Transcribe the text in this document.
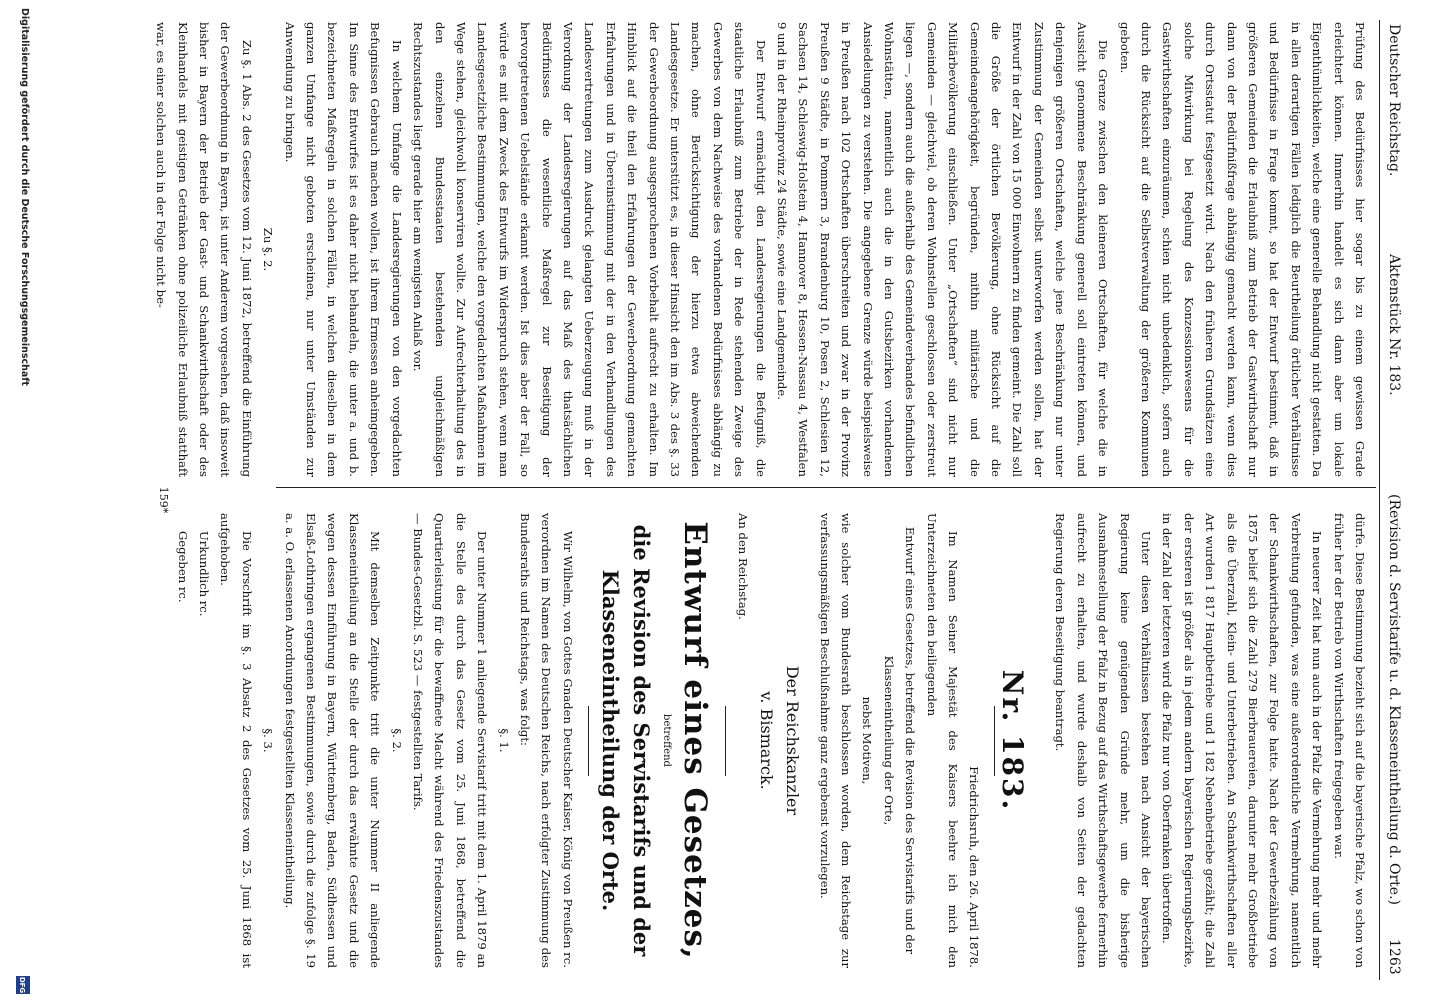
Deutscher Reichstag.
Aktenstück Nr. 183.
(Revision d. Servistarife u. d. Klasseneintheilung d. Orte.)
1263

Prüfung des Bedürfnisses hier sogar bis zu einem gewissen Grade erleichtert können. Immerhin handelt es sich dann aber um lokale Eigenthümlichkeiten, welche eine generelle Behandlung nicht gestatten. Da in allen derartigen Fällen lediglich die Beurtheilung örtlicher Verhältnisse und Bedürfnisse in Frage kommt, so hat der Entwurf bestimmt, daß in größeren Gemeinden die Erlaubniß zum Betrieb der Gastwirthschaft nur dann von der Bedürfnißfrage abhängig gemacht werden kann, wenn dies durch Ortsstatut festgesetzt wird. Nach den früheren Grundsätzen eine solche Mitwirkung bei Regelung des Konzessionswesens für die Gastwirthschaften einzuräumen, schien nicht unbedenklich, sofern auch durch die Rücksicht auf die Selbstverwaltung der größeren Kommunen geboten.

Die Grenze zwischen den kleineren Ortschaften, für welche die in Aussicht genommene Beschränkung generell soll eintreten können, und denjenigen größeren Ortschaften, welche jene Beschränkung nur unter Zustimmung der Gemeinden selbst unterworfen werden sollen, hat der Entwurf in der Zahl von 15 000 Einwohnern zu finden gemeint. Die Zahl soll die Größe der örtlichen Bevölkerung, ohne Rücksicht auf die Gemeindeangehörigkeit, begründen, mithin militärische und die Militärbevölkerung einschließen. Unter „Ortschaften“ sind nicht nur Gemeinden — gleichviel, ob deren Wohnstellen geschlossen oder zerstreut liegen —, sondern auch die außerhalb des Gemeindeverbandes befindlichen Wohnstätten, namentlich auch die in den Gutsbezirken vorhandenen Ansiedelungen zu verstehen. Die angegebene Grenze würde beispielsweise in Preußen nach 102 Ortschaften überschreiten und zwar in der Provinz Preußen 9 Städte, in Pommern 3, Brandenburg 10, Posen 2, Schlesien 12, Sachsen 14, Schleswig-Holstein 4, Hannover 8, Hessen-Nassau 4, Westfalen 9 und in der Rheinprovinz 24 Städte, sowie eine Landgemeinde.

Der Entwurf ermächtigt den Landesregierungen die Befugniß, die staatliche Erlaubniß zum Betriebe der in Rede stehenden Zweige des Gewerbes von dem Nachweise des vorhandenen Bedürfnisses abhängig zu machen, ohne Berücksichtigung der hierzu etwa abweichenden Landesgesetze. Er unterstützt es, in dieser Hinsicht den im Abs. 3 des §. 33 der Gewerbeordnung ausgesprochenen Vorbehalt aufrecht zu erhalten. Im Hinblick auf die theil den Erfahrungen der Gewerbeordnung gemachten Erfahrungen und in Übereinstimmung mit der in den Verhandlungen des Landesvertretungen zum Ausdruck gelangten Ueberzeugung muß in der Verordnung der Landesregierungen auf das Maß des thatsächlichen Bedürfnisses die wesentliche Maßregel zur Beseitigung der hervorgetretenen Uebelstände erkannt werden. Ist dies aber der Fall, so würde es mit dem Zweck des Entwurfs im Widerspruch stehen, wenn man Landesgesetzliche Bestimmungen, welche den vorgedachten Maßnahmen im Wege stehen, gleichwohl konserviren wollte. Zur Aufrechterhaltung des in den einzelnen Bundesstaaten bestehenden ungleichmäßigen Rechtszustandes liegt gerade hier am wenigsten Anlaß vor.

In welchem Umfange die Landesregierungen von den vorgedachten Befugnissen Gebrauch machen wollen, ist ihrem Ermessen anheimgegeben. Im Sinne des Entwurfes ist es daher nicht behandeln, die unter a. und b. bezeichneten Maßregeln in solchen Fällen, in welchen dieselben in dem ganzen Umfange nicht geboten erscheinen, nur unter Umständen zur Anwendung zu bringen.

Zu §. 2.

Zu §. 1 Abs. 2 des Gesetzes vom 12. Juni 1872, betreffend die Einführung der Gewerbeordnung in Bayern, ist unter Anderem vorgesehen, daß insoweit bisher in Bayern der Betrieb der Gast- und Schankwirthschaft oder des Kleinhandels mit geistigen Getränken ohne polizeiliche Erlaubniß statthaft war, es einer solchen auch in der Folge nicht be-

dürfe. Diese Bestimmung bezieht sich auf die bayerische Pfalz, wo schon von früher her der Betrieb von Wirthschaften freigegeben war.

In neuerer Zeit hat nun auch in der Pfalz die Vermehrung mehr und mehr Verbreitung gefunden, was eine außerordentliche Vermehrung, namentlich der Schankwirthschaften, zur Folge hatte. Nach der Gewerbezählung von 1875 belief sich die Zahl 279 Bierbrauereien, darunter mehr Großbetriebe als die Überzahl, Klein- und Unterbetrieben. An Schankwirthschaften aller Art wurden 1 817 Hauptbetriebe und 1 182 Nebenbetriebe gezählt; die Zahl der ersteren ist größer als in jedem andern bayerischen Regierungsbezirke, in der Zahl der letzteren wird die Pfalz nur von Oberfranken übertroffen.

Unter diesen Verhältnissen bestehen nach Ansicht der bayerischen Regierung keine genügenden Gründe mehr, um die bisherige Ausnahmestellung der Pfalz in Bezug auf das Wirthschaftsgewerbe fernerhin aufrecht zu erhalten, und wurde deshalb von Seiten der gedachten Regierung deren Beseitigung beantragt.

Nr. 183.

Friedrichsruh, den 26. April 1878.

Im Namen Seiner Majestät des Kaisers beehre ich mich den Unterzeichneten den beiliegenden

Entwurf eines Gesetzes, betreffend die Revision des Servistarifs und der Klasseneintheilung der Orte,

nebst Motiven,

wie solcher vom Bundesrath beschlossen worden, dem Reichstage zur verfassungsmäßigen Beschlußnahme ganz ergebenst vorzulegen.

Der Reichskanzler
v. Bismarck.

An den Reichstag.

Entwurf eines Gesetzes,
betreffend
die Revision des Servistarifs und der Klasseneintheilung der Orte.

Wir Wilhelm, von Gottes Gnaden Deutscher Kaiser, König von Preußen rc. verordnen im Namen des Deutschen Reichs, nach erfolgter Zustimmung des Bundesraths und Reichstags, was folgt:

§. 1.

Der unter Nummer 1 anliegende Servistarif tritt mit dem 1. April 1879 an die Stelle des durch das Gesetz vom 25. Juni 1868, betreffend die Quartierleistung für die bewaffnete Macht während des Friedenszustandes — Bundes-Gesetzbl. S. 523 — festgestellten Tarifs.

§. 2.

Mit demselben Zeitpunkte tritt die unter Nummer II anliegende Klasseneintheilung an die Stelle der durch das erwähnte Gesetz und die wegen dessen Einführung in Bayern, Württemberg, Baden, Südhessen und Elsaß-Lothringen ergangenen Bestimmungen, sowie durch die zufolge §. 19 a. a. O. erlassenen Anordnungen festgestellten Klasseneintheilung.

§. 3.

Die Vorschrift im §. 3 Absatz 2 des Gesetzes vom 25. Juni 1868 ist aufgehoben.

Urkundlich rc.

Gegeben rc.

159*
Digitalisierung gefördert durch die Deutsche Forschungsgemeinschaft
DFG
